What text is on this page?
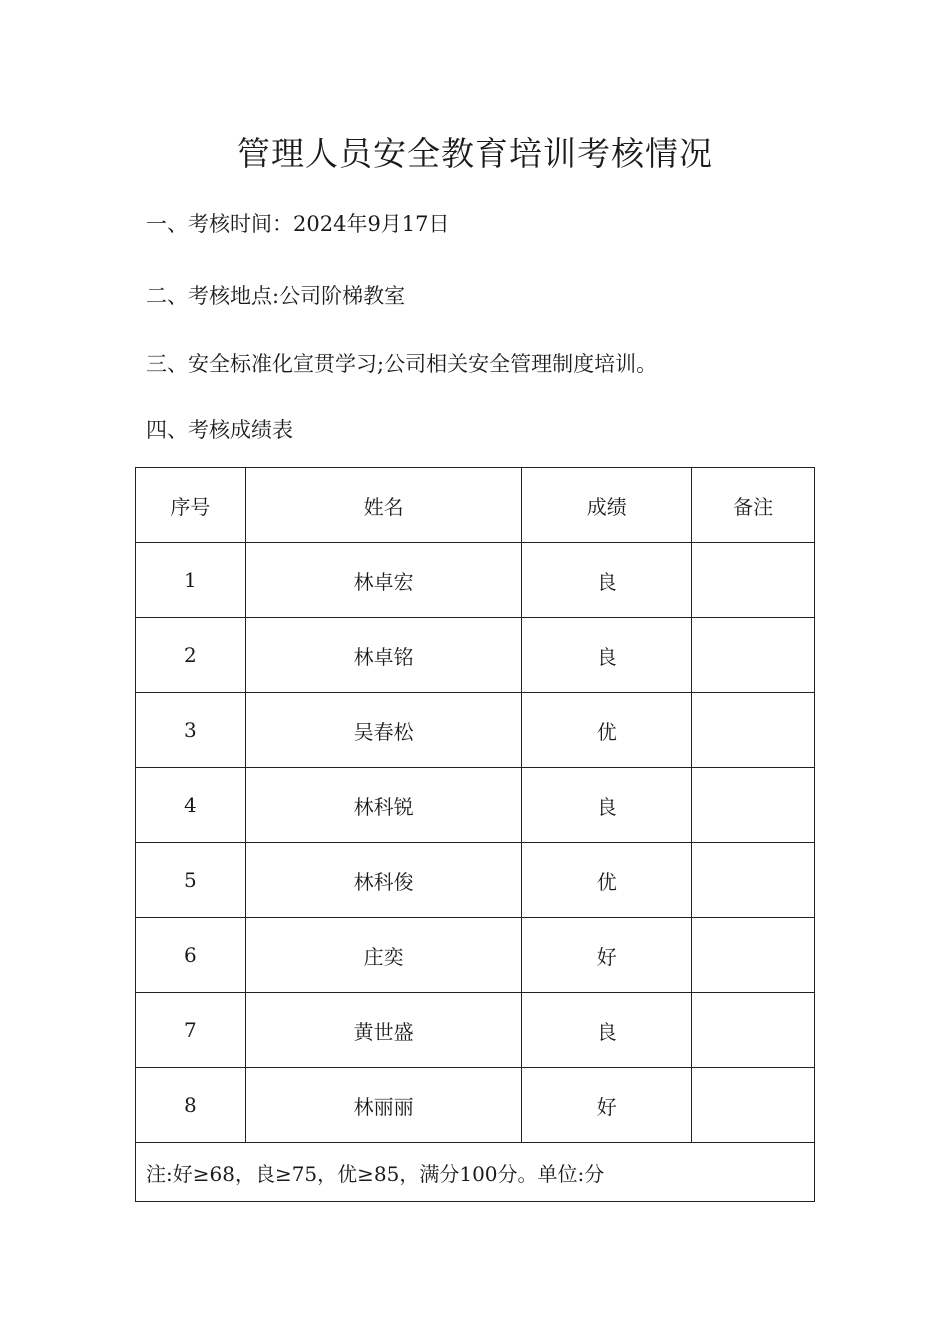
管理人员安全教育培训考核情况
一、考核时间：2024年9月17日
二、考核地点:公司阶梯教室
三、安全标准化宣贯学习;公司相关安全管理制度培训。
四、考核成绩表
序号	姓名	成绩	备注
1	林卓宏	良	
2	林卓铭	良	
3	吴春松	优	
4	林科锐	良	
5	林科俊	优	
6	庄奕	好	
7	黄世盛	良	
8	林丽丽	好	
注:好≥68，良≥75，优≥85，满分100分。单位:分			
